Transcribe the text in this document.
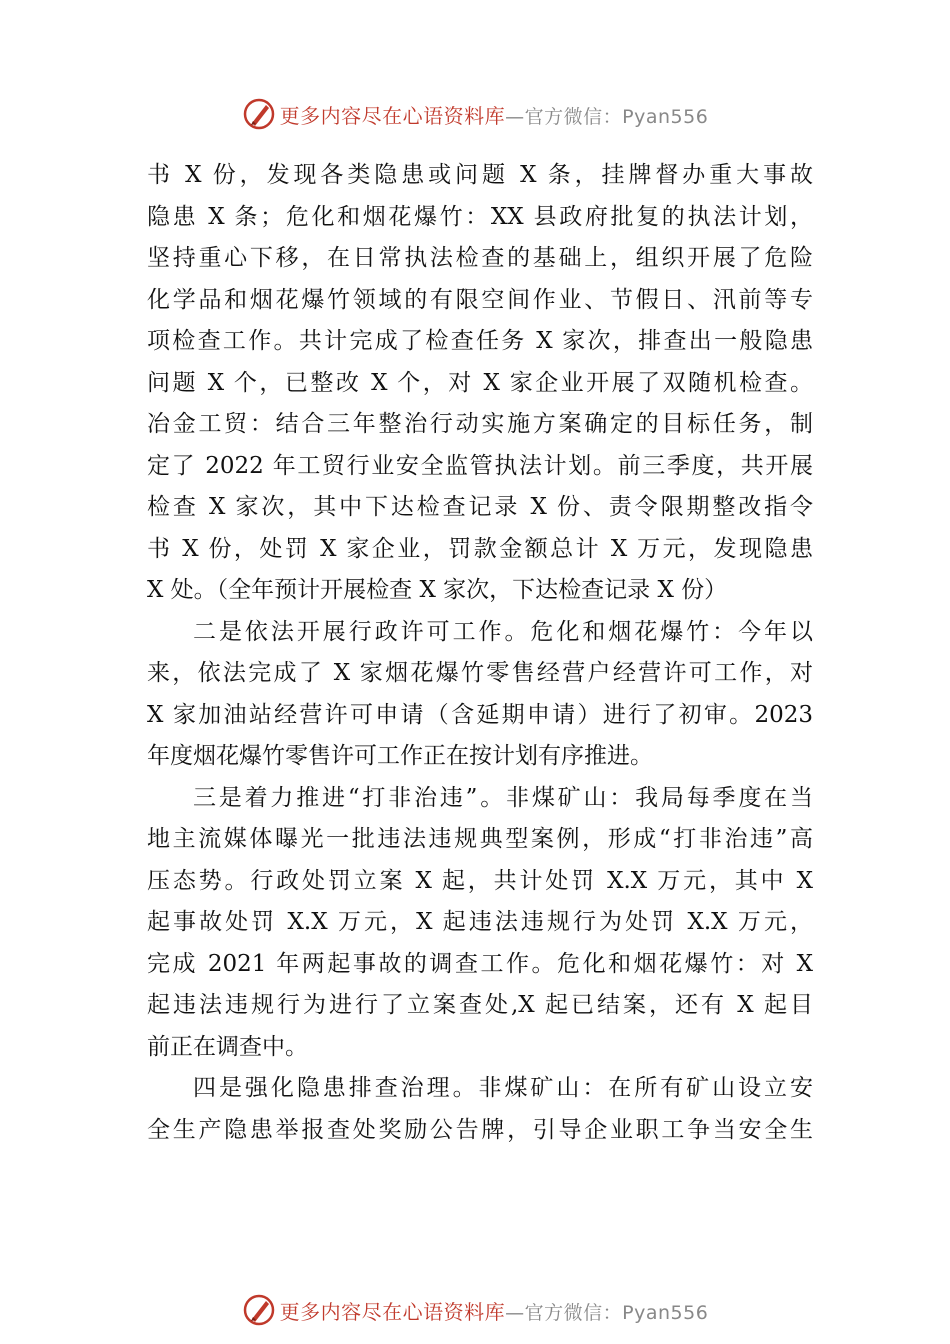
更多内容尽在心语资料库—官方微信：Pyan556
书 X 份，发现各类隐患或问题 X 条，挂牌督办重大事故
隐患 X 条；危化和烟花爆竹：XX 县政府批复的执法计划，
坚持重心下移，在日常执法检查的基础上，组织开展了危险
化学品和烟花爆竹领域的有限空间作业、节假日、汛前等专
项检查工作。共计完成了检查任务 X 家次，排查出一般隐患
问题 X 个，已整改 X 个，对 X 家企业开展了双随机检查。
冶金工贸：结合三年整治行动实施方案确定的目标任务，制
定了 2022 年工贸行业安全监管执法计划。前三季度，共开展
检查 X 家次，其中下达检查记录 X 份、责令限期整改指令
书 X 份，处罚 X 家企业，罚款金额总计 X 万元，发现隐患
X 处。（全年预计开展检查 X 家次，下达检查记录 X 份）
二是依法开展行政许可工作。危化和烟花爆竹：今年以
来，依法完成了 X 家烟花爆竹零售经营户经营许可工作，对
X 家加油站经营许可申请（含延期申请）进行了初审。2023
年度烟花爆竹零售许可工作正在按计划有序推进。
三是着力推进“打非治违”。非煤矿山：我局每季度在当
地主流媒体曝光一批违法违规典型案例，形成“打非治违”高
压态势。行政处罚立案 X 起，共计处罚 X.X 万元，其中 X
起事故处罚 X.X 万元，X 起违法违规行为处罚 X.X 万元，
完成 2021 年两起事故的调查工作。危化和烟花爆竹：对 X
起违法违规行为进行了立案查处,X 起已结案，还有 X 起目
前正在调查中。
四是强化隐患排查治理。非煤矿山：在所有矿山设立安
全生产隐患举报查处奖励公告牌，引导企业职工争当安全生
更多内容尽在心语资料库—官方微信：Pyan556
